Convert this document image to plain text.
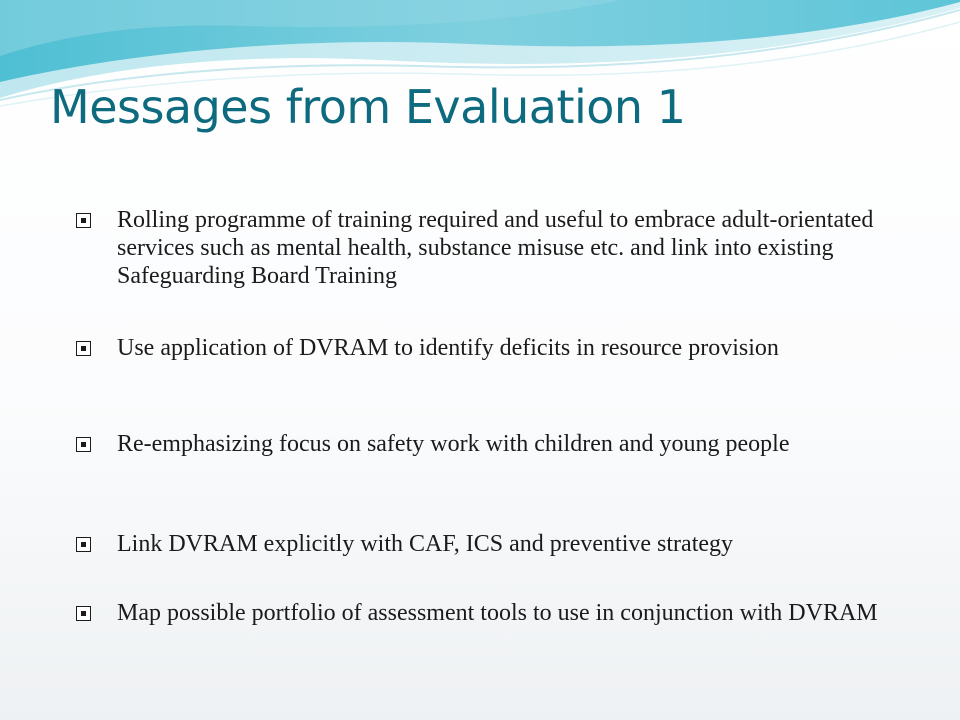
Messages from Evaluation 1
Rolling programme of training required and useful to embrace adult-orientated services such as mental health, substance misuse etc. and link into existing Safeguarding Board Training
Use application of DVRAM to identify deficits in resource provision
Re-emphasizing focus on safety work with children and young people
Link DVRAM explicitly with CAF, ICS and preventive strategy
Map possible portfolio of assessment tools to use in conjunction with DVRAM
